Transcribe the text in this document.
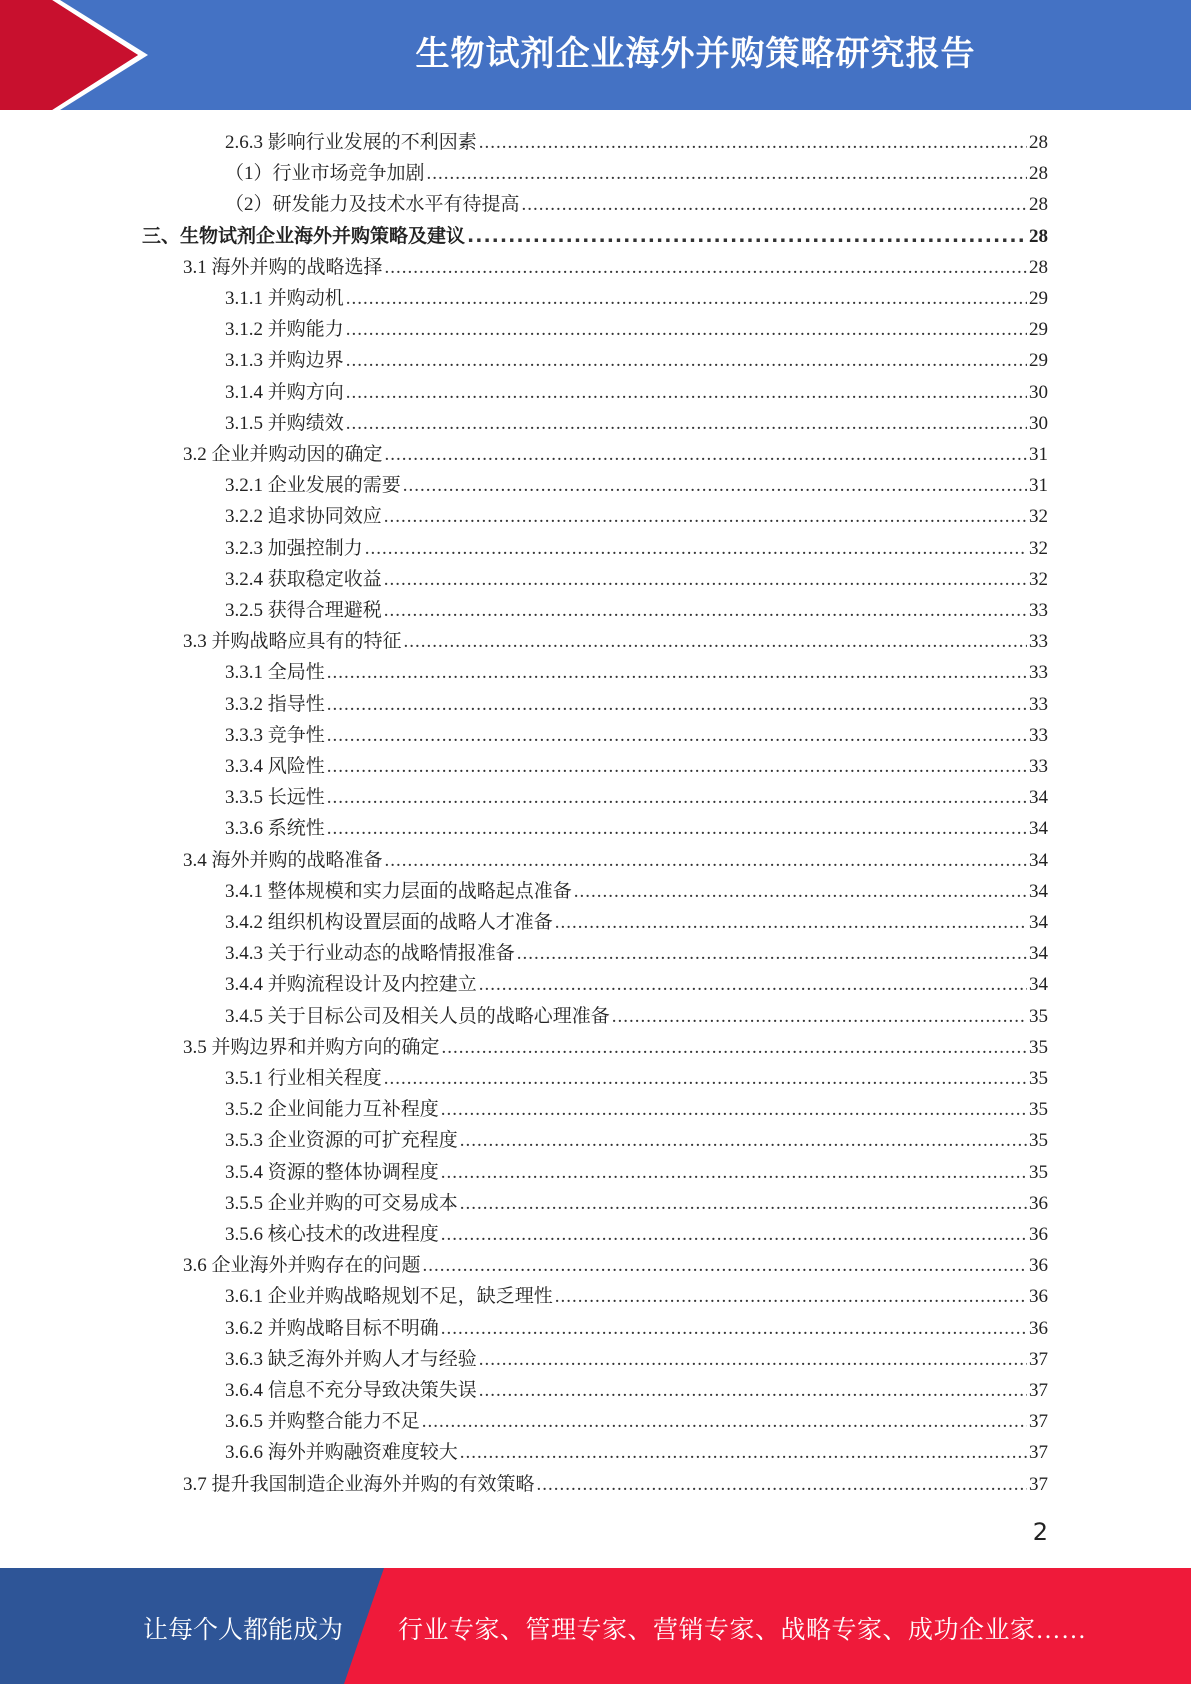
生物试剂企业海外并购策略研究报告
2.6.3 影响行业发展的不利因素 .....	28
（1）行业市场竞争加剧 .....	28
（2）研发能力及技术水平有待提高 .....	28
三、生物试剂企业海外并购策略及建议 .....	28
3.1 海外并购的战略选择 .....	28
3.1.1 并购动机 .....	29
3.1.2 并购能力 .....	29
3.1.3 并购边界 .....	29
3.1.4 并购方向 .....	30
3.1.5 并购绩效 .....	30
3.2 企业并购动因的确定 .....	31
3.2.1 企业发展的需要 .....	31
3.2.2 追求协同效应 .....	32
3.2.3 加强控制力 .....	32
3.2.4 获取稳定收益 .....	32
3.2.5 获得合理避税 .....	33
3.3 并购战略应具有的特征 .....	33
3.3.1 全局性 .....	33
3.3.2 指导性 .....	33
3.3.3 竞争性 .....	33
3.3.4 风险性 .....	33
3.3.5 长远性 .....	34
3.3.6 系统性 .....	34
3.4 海外并购的战略准备 .....	34
3.4.1 整体规模和实力层面的战略起点准备 .....	34
3.4.2 组织机构设置层面的战略人才准备 .....	34
3.4.3 关于行业动态的战略情报准备 .....	34
3.4.4 并购流程设计及内控建立 .....	34
3.4.5 关于目标公司及相关人员的战略心理准备 .....	35
3.5 并购边界和并购方向的确定 .....	35
3.5.1 行业相关程度 .....	35
3.5.2 企业间能力互补程度 .....	35
3.5.3 企业资源的可扩充程度 .....	35
3.5.4 资源的整体协调程度 .....	35
3.5.5 企业并购的可交易成本 .....	36
3.5.6 核心技术的改进程度 .....	36
3.6 企业海外并购存在的问题 .....	36
3.6.1 企业并购战略规划不足，缺乏理性 .....	36
3.6.2 并购战略目标不明确 .....	36
3.6.3 缺乏海外并购人才与经验 .....	37
3.6.4 信息不充分导致决策失误 .....	37
3.6.5 并购整合能力不足 .....	37
3.6.6 海外并购融资难度较大 .....	37
3.7 提升我国制造企业海外并购的有效策略 .....	37
2
让每个人都能成为 行业专家、管理专家、营销专家、战略专家、成功企业家……
